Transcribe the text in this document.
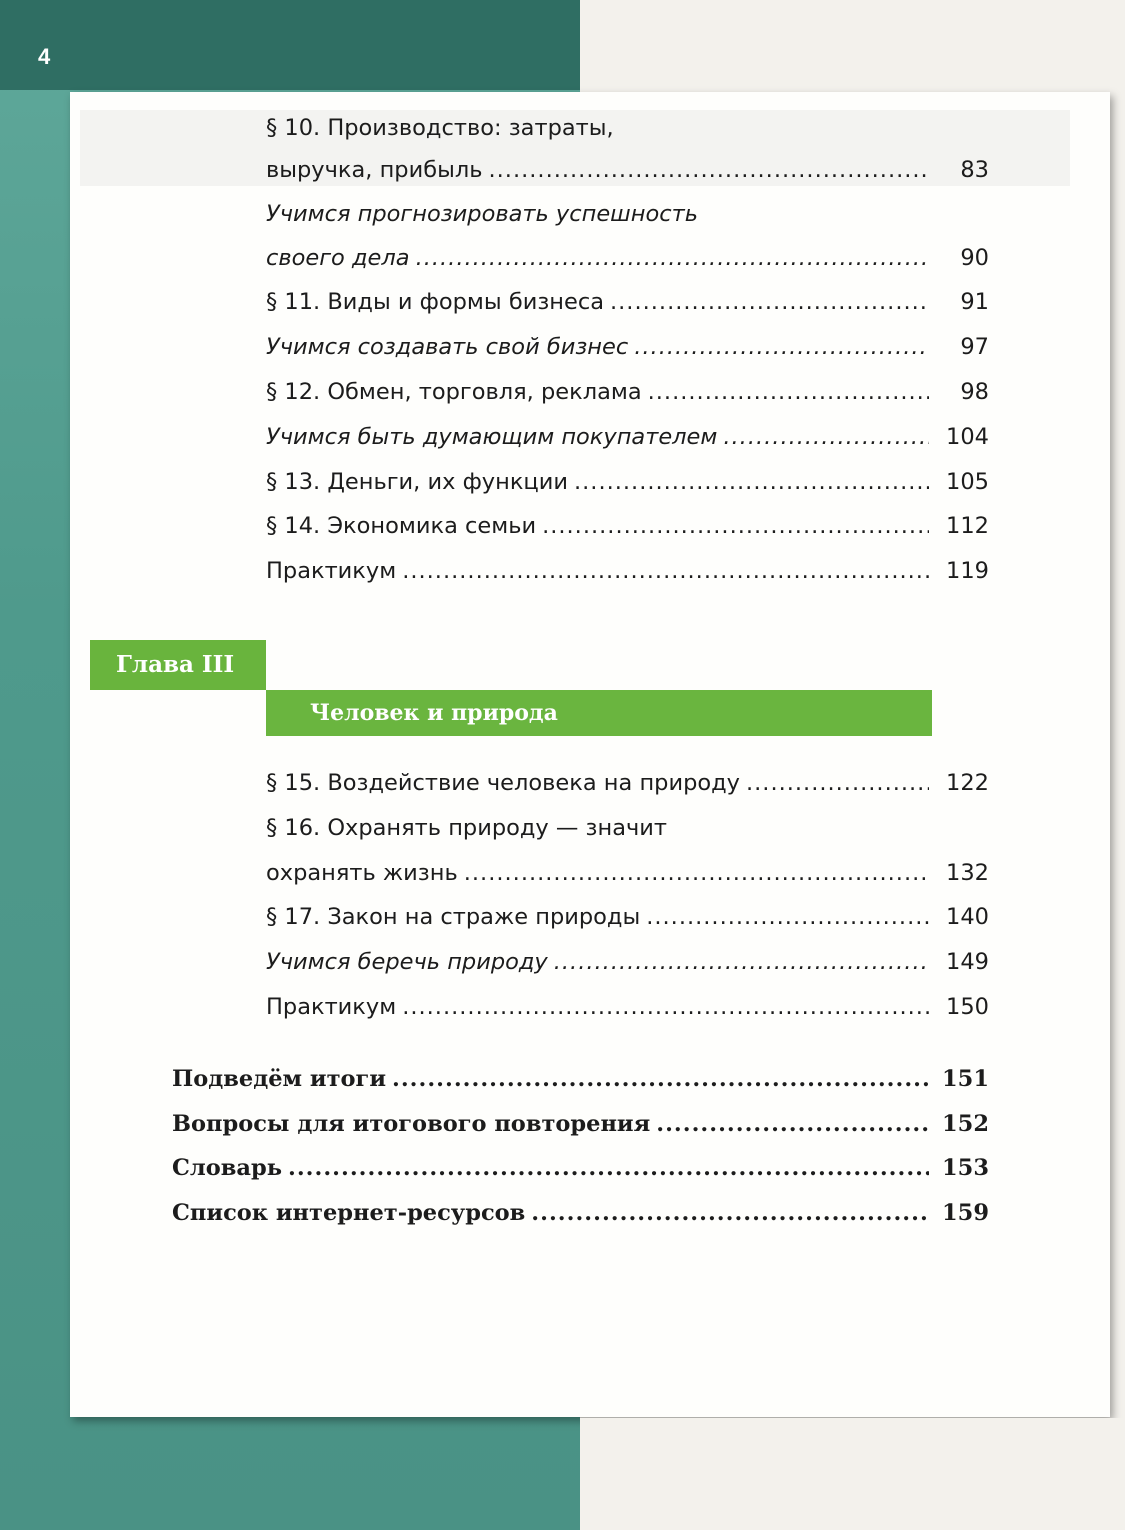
4
§ 10. Производство: затраты,
выручка, прибыль .....	83
Учимся прогнозировать успешность
своего дела .....	90
§ 11. Виды и формы бизнеса .....	91
Учимся создавать свой бизнес .....	97
§ 12. Обмен, торговля, реклама .....	98
Учимся быть думающим покупателем .....	104
§ 13. Деньги, их функции .....	105
§ 14. Экономика семьи .....	112
Практикум .....	119
Глава III
Человек и природа
§ 15. Воздействие человека на природу .....	122
§ 16. Охранять природу — значит
охранять жизнь .....	132
§ 17. Закон на страже природы .....	140
Учимся беречь природу .....	149
Практикум .....	150
Подведём итоги .....	151
Вопросы для итогового повторения .....	152
Словарь .....	153
Список интернет-ресурсов .....	159
